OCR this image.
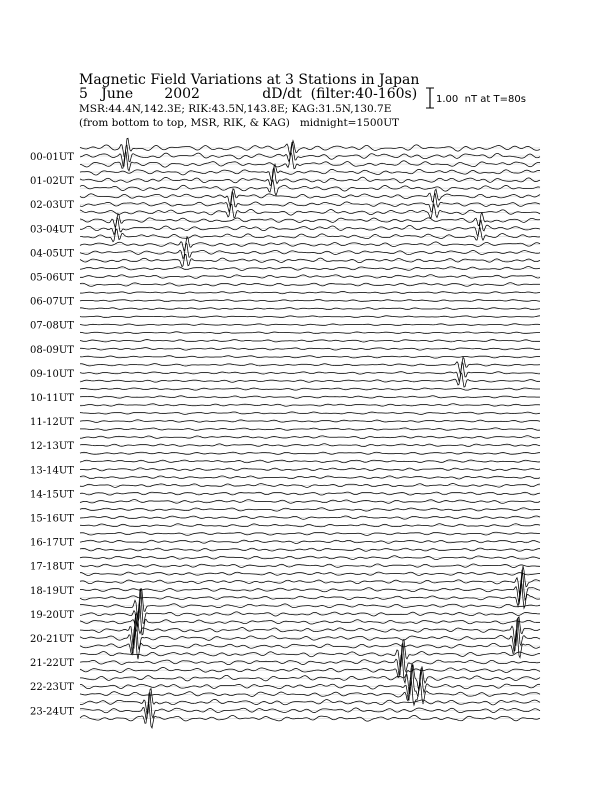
Magnetic Field Variations at 3 Stations in Japan
5   June       2002              dD/dt  (filter:40-160s)
MSR:44.4N,142.3E; RIK:43.5N,143.8E; KAG:31.5N,130.7E
(from bottom to top, MSR, RIK, & KAG)   midnight=1500UT
1.00  nT at T=80s
00-01UT
01-02UT
02-03UT
03-04UT
04-05UT
05-06UT
06-07UT
07-08UT
08-09UT
09-10UT
10-11UT
11-12UT
12-13UT
13-14UT
14-15UT
15-16UT
16-17UT
17-18UT
18-19UT
19-20UT
20-21UT
21-22UT
22-23UT
23-24UT
